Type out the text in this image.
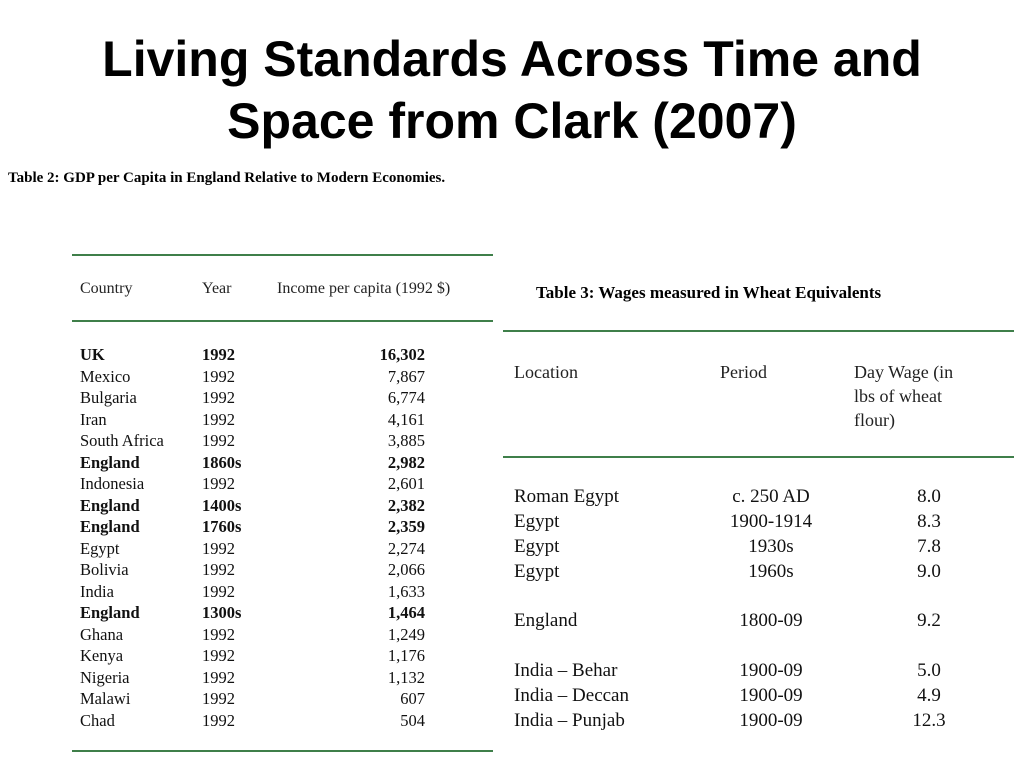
Living Standards Across Time and
Space from Clark (2007)
Table 2: GDP per Capita in England Relative to Modern Economies.
Country	Year	Income per capita (1992 $)
UK	1992	16,302
Mexico	1992	7,867
Bulgaria	1992	6,774
Iran	1992	4,161
South Africa 1992	3,885
England	1860s	2,982
Indonesia	1992	2,601
England	1400s	2,382
England	1760s	2,359
Egypt	1992	2,274
Bolivia	1992	2,066
India	1992	1,633
England	1300s	1,464
Ghana	1992	1,249
Kenya	1992	1,176
Nigeria	1992	1,132
Malawi	1992	607
Chad	1992	504
Table 3: Wages measured in Wheat Equivalents
Location	Period	Day Wage (in
lbs of wheat
flour)
Roman Egypt	c. 250 AD	8.0
Egypt	1900-1914	8.3
Egypt	1930s	7.8
Egypt	1960s	9.0
England	1800-09	9.2
India – Behar	1900-09	5.0
India – Deccan	1900-09	4.9
India – Punjab	1900-09	12.3
